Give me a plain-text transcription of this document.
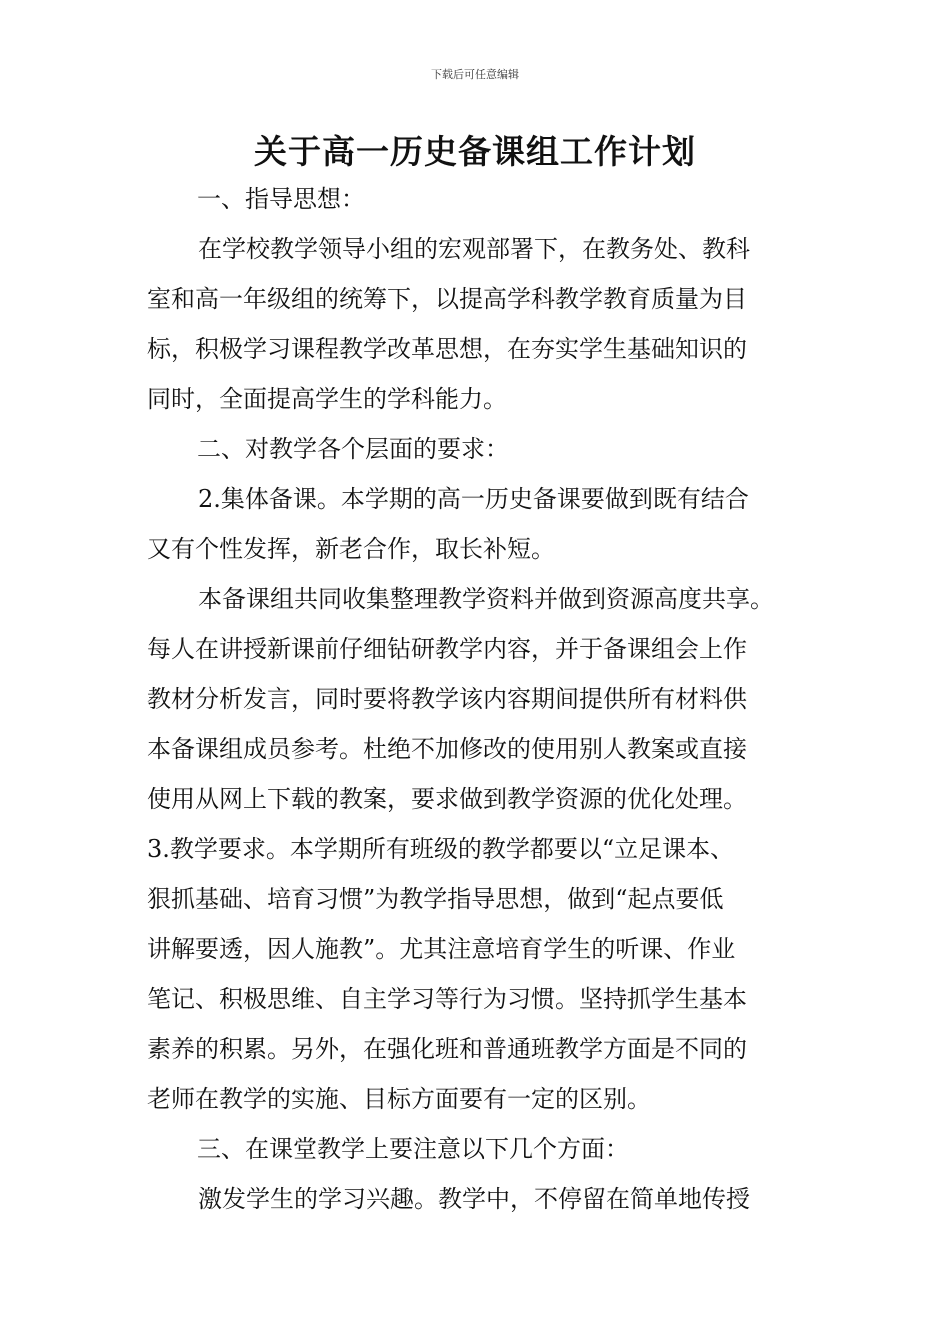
下载后可任意编辑
关于高一历史备课组工作计划
一、指导思想：
在学校教学领导小组的宏观部署下，在教务处、教科
室和高一年级组的统筹下，以提高学科教学教育质量为目
标，积极学习课程教学改革思想，在夯实学生基础知识的
同时，全面提高学生的学科能力。
二、对教学各个层面的要求：
2.集体备课。本学期的高一历史备课要做到既有结合
又有个性发挥，新老合作，取长补短。
本备课组共同收集整理教学资料并做到资源高度共享。
每人在讲授新课前仔细钻研教学内容，并于备课组会上作
教材分析发言，同时要将教学该内容期间提供所有材料供
本备课组成员参考。杜绝不加修改的使用别人教案或直接
使用从网上下载的教案，要求做到教学资源的优化处理。
3.教学要求。本学期所有班级的教学都要以“立足课本、
狠抓基础、培育习惯”为教学指导思想，做到“起点要低
讲解要透，因人施教”。尤其注意培育学生的听课、作业
笔记、积极思维、自主学习等行为习惯。坚持抓学生基本
素养的积累。另外，在强化班和普通班教学方面是不同的
老师在教学的实施、目标方面要有一定的区别。
三、在课堂教学上要注意以下几个方面：
激发学生的学习兴趣。教学中，不停留在简单地传授
